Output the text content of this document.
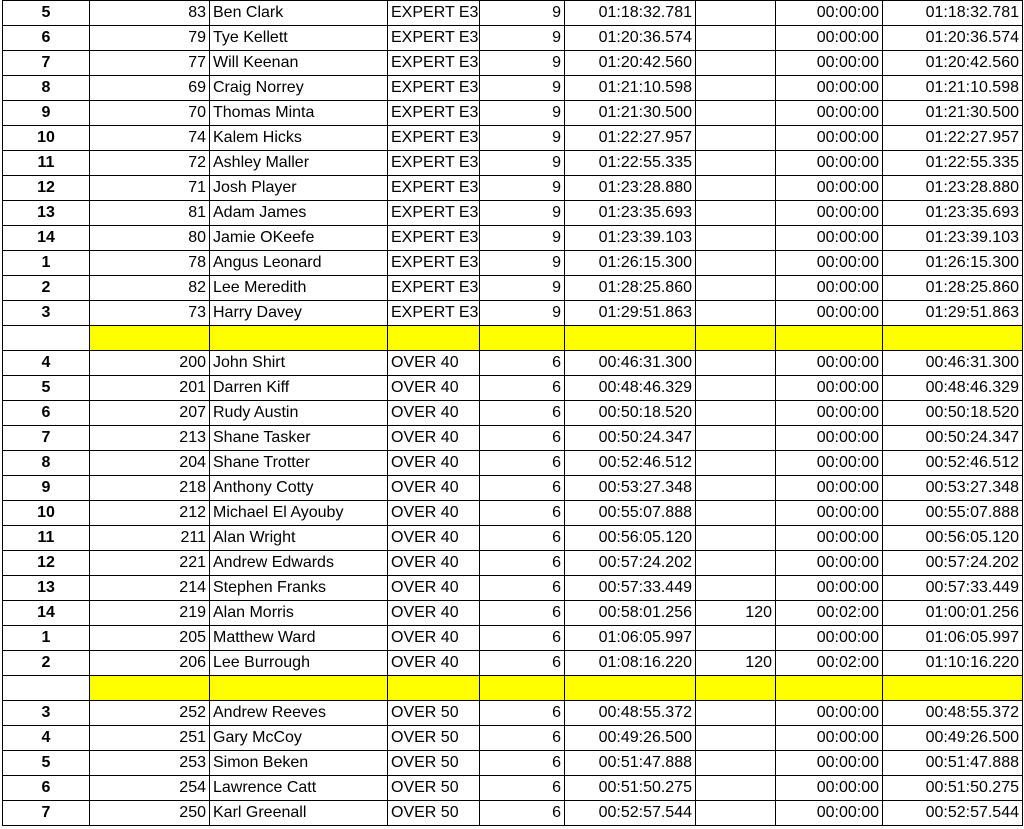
5	83	Ben Clark	EXPERT E3	9	01:18:32.781		00:00:00	01:18:32.781
6	79	Tye Kellett	EXPERT E3	9	01:20:36.574		00:00:00	01:20:36.574
7	77	Will Keenan	EXPERT E3	9	01:20:42.560		00:00:00	01:20:42.560
8	69	Craig Norrey	EXPERT E3	9	01:21:10.598		00:00:00	01:21:10.598
9	70	Thomas Minta	EXPERT E3	9	01:21:30.500		00:00:00	01:21:30.500
10	74	Kalem Hicks	EXPERT E3	9	01:22:27.957		00:00:00	01:22:27.957
11	72	Ashley Maller	EXPERT E3	9	01:22:55.335		00:00:00	01:22:55.335
12	71	Josh Player	EXPERT E3	9	01:23:28.880		00:00:00	01:23:28.880
13	81	Adam James	EXPERT E3	9	01:23:35.693		00:00:00	01:23:35.693
14	80	Jamie OKeefe	EXPERT E3	9	01:23:39.103		00:00:00	01:23:39.103
1	78	Angus Leonard	EXPERT E3	9	01:26:15.300		00:00:00	01:26:15.300
2	82	Lee Meredith	EXPERT E3	9	01:28:25.860		00:00:00	01:28:25.860
3	73	Harry Davey	EXPERT E3	9	01:29:51.863		00:00:00	01:29:51.863

4	200	John Shirt	OVER 40	6	00:46:31.300		00:00:00	00:46:31.300
5	201	Darren Kiff	OVER 40	6	00:48:46.329		00:00:00	00:48:46.329
6	207	Rudy Austin	OVER 40	6	00:50:18.520		00:00:00	00:50:18.520
7	213	Shane Tasker	OVER 40	6	00:50:24.347		00:00:00	00:50:24.347
8	204	Shane Trotter	OVER 40	6	00:52:46.512		00:00:00	00:52:46.512
9	218	Anthony Cotty	OVER 40	6	00:53:27.348		00:00:00	00:53:27.348
10	212	Michael El Ayouby	OVER 40	6	00:55:07.888		00:00:00	00:55:07.888
11	211	Alan Wright	OVER 40	6	00:56:05.120		00:00:00	00:56:05.120
12	221	Andrew Edwards	OVER 40	6	00:57:24.202		00:00:00	00:57:24.202
13	214	Stephen Franks	OVER 40	6	00:57:33.449		00:00:00	00:57:33.449
14	219	Alan Morris	OVER 40	6	00:58:01.256	120	00:02:00	01:00:01.256
1	205	Matthew Ward	OVER 40	6	01:06:05.997		00:00:00	01:06:05.997
2	206	Lee Burrough	OVER 40	6	01:08:16.220	120	00:02:00	01:10:16.220

3	252	Andrew Reeves	OVER 50	6	00:48:55.372		00:00:00	00:48:55.372
4	251	Gary McCoy	OVER 50	6	00:49:26.500		00:00:00	00:49:26.500
5	253	Simon Beken	OVER 50	6	00:51:47.888		00:00:00	00:51:47.888
6	254	Lawrence Catt	OVER 50	6	00:51:50.275		00:00:00	00:51:50.275
7	250	Karl Greenall	OVER 50	6	00:52:57.544		00:00:00	00:52:57.544
